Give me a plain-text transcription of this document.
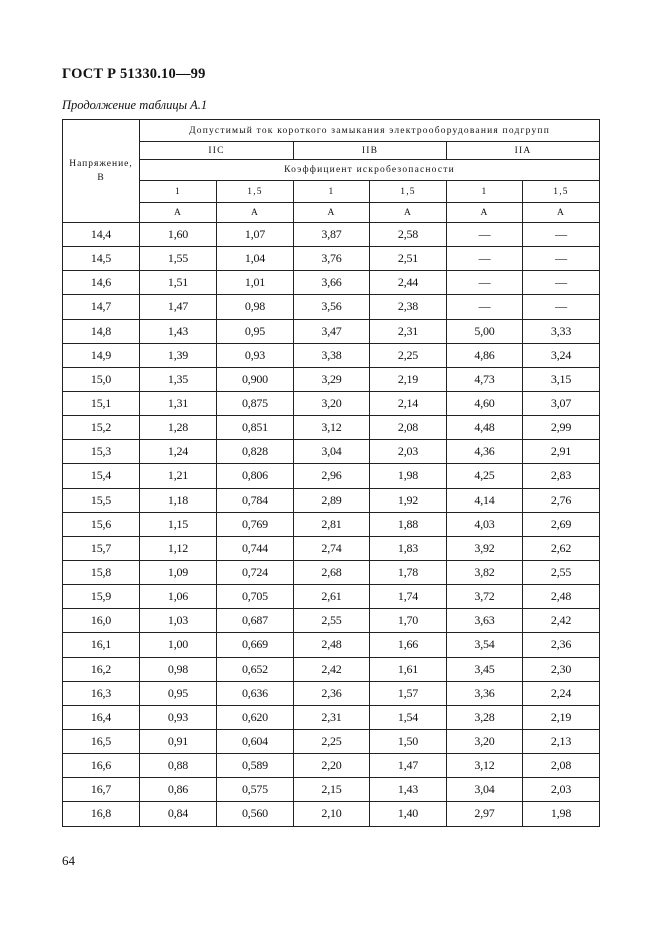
ГОСТ Р 51330.10—99
Продолжение таблицы А.1
Напряжение,
В	Допустимый ток короткого замыкания электрооборудования подгрупп					
	IIC		IIB		IIA	
	Коэффициент искробезопасности					
	1	1,5	1	1,5	1	1,5
	А	А	А	А	А	А
14,4	1,60	1,07	3,87	2,58	—	—
14,5	1,55	1,04	3,76	2,51	—	—
14,6	1,51	1,01	3,66	2,44	—	—
14,7	1,47	0,98	3,56	2,38	—	—
14,8	1,43	0,95	3,47	2,31	5,00	3,33
14,9	1,39	0,93	3,38	2,25	4,86	3,24
15,0	1,35	0,900	3,29	2,19	4,73	3,15
15,1	1,31	0,875	3,20	2,14	4,60	3,07
15,2	1,28	0,851	3,12	2,08	4,48	2,99
15,3	1,24	0,828	3,04	2,03	4,36	2,91
15,4	1,21	0,806	2,96	1,98	4,25	2,83
15,5	1,18	0,784	2,89	1,92	4,14	2,76
15,6	1,15	0,769	2,81	1,88	4,03	2,69
15,7	1,12	0,744	2,74	1,83	3,92	2,62
15,8	1,09	0,724	2,68	1,78	3,82	2,55
15,9	1,06	0,705	2,61	1,74	3,72	2,48
16,0	1,03	0,687	2,55	1,70	3,63	2,42
16,1	1,00	0,669	2,48	1,66	3,54	2,36
16,2	0,98	0,652	2,42	1,61	3,45	2,30
16,3	0,95	0,636	2,36	1,57	3,36	2,24
16,4	0,93	0,620	2,31	1,54	3,28	2,19
16,5	0,91	0,604	2,25	1,50	3,20	2,13
16,6	0,88	0,589	2,20	1,47	3,12	2,08
16,7	0,86	0,575	2,15	1,43	3,04	2,03
16,8	0,84	0,560	2,10	1,40	2,97	1,98
64
